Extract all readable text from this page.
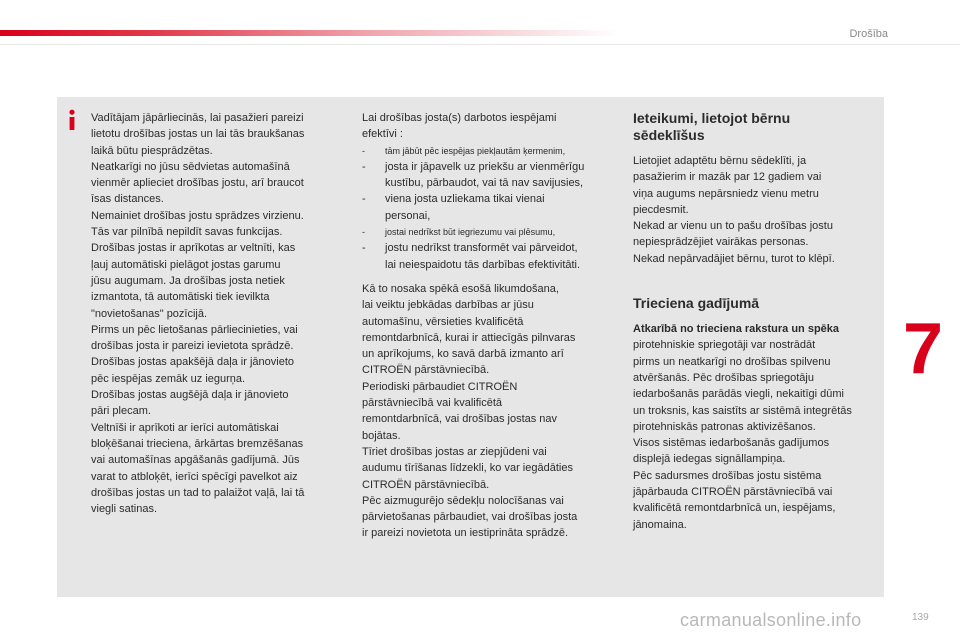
Drošība

Vadītājam jāpārliecinās, lai pasažieri pareizi

lietotu drošības jostas un lai tās braukšanas

laikā būtu piesprādzētas.

Neatkarīgi no jūsu sēdvietas automašīnā

vienmēr aplieciet drošības jostu, arī braucot

īsas distances.

Nemainiet drošības jostu sprādzes virzienu.

Tās var pilnībā nepildīt savas funkcijas.

Drošības jostas ir aprīkotas ar veltnīti, kas

ļauj automātiski pielāgot jostas garumu

jūsu augumam. Ja drošības josta netiek

izmantota, tā automātiski tiek ievilkta

"novietošanas" pozīcijā.

Pirms un pēc lietošanas pārliecinieties, vai

drošības josta ir pareizi ievietota sprādzē.

Drošības jostas apakšējā daļa ir jānovieto

pēc iespējas zemāk uz iegurņa.

Drošības jostas augšējā daļa ir jānovieto

pāri plecam.

Veltnīši ir aprīkoti ar ierīci automātiskai

bloķēšanai trieciena, ārkārtas bremzēšanas

vai automašīnas apgāšanās gadījumā. Jūs

varat to atbloķēt, ierīci spēcīgi pavelkot aiz

drošības jostas un tad to palaižot vaļā, lai tā

viegli satinas.

Lai drošības josta(s) darbotos iespējami

efektīvi :

-	tām jābūt pēc iespējas piekļautām ķermenim,
-	josta ir jāpavelk uz priekšu ar vienmērīgu
kustību, pārbaudot, vai tā nav savijusies,
-	viena josta uzliekama tikai vienai
personai,
-	jostai nedrīkst būt iegriezumu vai plēsumu,
-	jostu nedrīkst transformēt vai pārveidot,
lai neiespaidotu tās darbības efektivitāti.

Kā to nosaka spēkā esošā likumdošana,

lai veiktu jebkādas darbības ar jūsu

automašīnu, vērsieties kvalificētā

remontdarbnīcā, kurai ir attiecīgās pilnvaras

un aprīkojums, ko savā darbā izmanto arī

CITROËN pārstāvniecībā.

Periodiski pārbaudiet CITROËN

pārstāvniecībā vai kvalificētā

remontdarbnīcā, vai drošības jostas nav

bojātas.

Tīriet drošības jostas ar ziepjūdeni vai

audumu tīrīšanas līdzekli, ko var iegādāties

CITROËN pārstāvniecībā.

Pēc aizmugurējo sēdekļu nolocīšanas vai

pārvietošanas pārbaudiet, vai drošības josta

ir pareizi novietota un iestiprināta sprādzē.

Ieteikumi, lietojot bērnu

sēdeklīšus

Lietojiet adaptētu bērnu sēdeklīti, ja

pasažierim ir mazāk par 12 gadiem vai

viņa augums nepārsniedz vienu metru

piecdesmit.

Nekad ar vienu un to pašu drošības jostu

nepiesprādzējiet vairākas personas.

Nekad nepārvadājiet bērnu, turot to klēpī.

Trieciena gadījumā

Atkarībā no trieciena rakstura un spēka

pirotehniskie spriegotāji var nostrādāt

pirms un neatkarīgi no drošības spilvenu

atvēršanās. Pēc drošības spriegotāju

iedarbošanās parādās viegli, nekaitīgi dūmi

un troksnis, kas saistīts ar sistēmā integrētās

pirotehniskās patronas aktivizēšanos.

Visos sistēmas iedarbošanās gadījumos

displejā iedegas signāllampiņa.

Pēc sadursmes drošības jostu sistēma

jāpārbauda CITROËN pārstāvniecībā vai

kvalificētā remontdarbnīcā un, iespējams,

jānomaina.

7
carmanualsonline.info	139
